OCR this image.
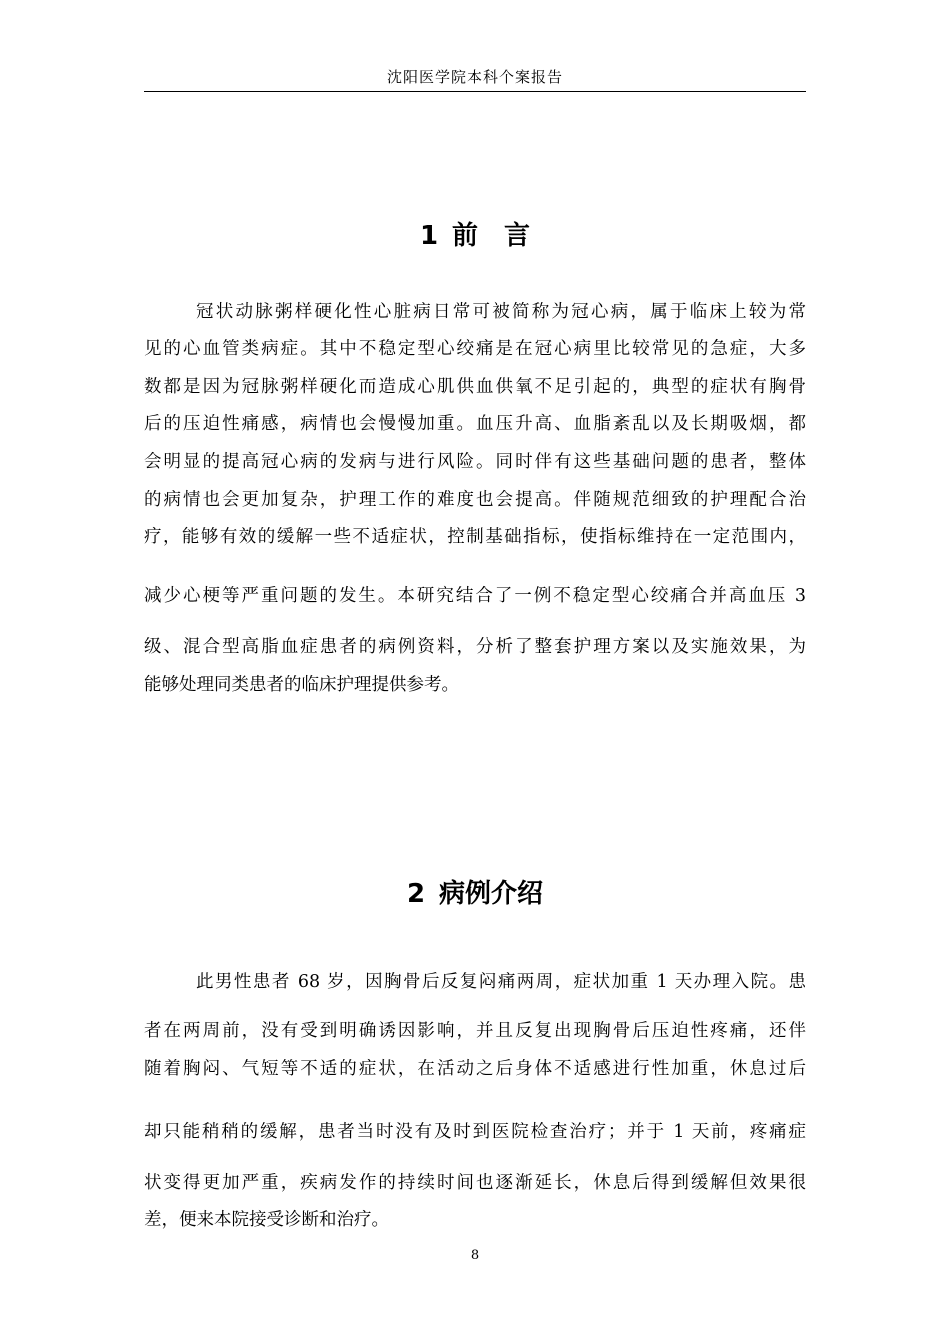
沈阳医学院本科个案报告
1 前　言
冠状动脉粥样硬化性心脏病日常可被简称为冠心病，属于临床上较为常
见的心血管类病症。其中不稳定型心绞痛是在冠心病里比较常见的急症，大多
数都是因为冠脉粥样硬化而造成心肌供血供氧不足引起的，典型的症状有胸骨
后的压迫性痛感，病情也会慢慢加重。血压升高、血脂紊乱以及长期吸烟，都
会明显的提高冠心病的发病与进行风险。同时伴有这些基础问题的患者，整体
的病情也会更加复杂，护理工作的难度也会提高。伴随规范细致的护理配合治
疗，能够有效的缓解一些不适症状，控制基础指标，使指标维持在一定范围内，
减少心梗等严重问题的发生。本研究结合了一例不稳定型心绞痛合并高血压 3
级、混合型高脂血症患者的病例资料，分析了整套护理方案以及实施效果，为
能够处理同类患者的临床护理提供参考。
2 病例介绍
此男性患者 68 岁，因胸骨后反复闷痛两周，症状加重 1 天办理入院。患
者在两周前，没有受到明确诱因影响，并且反复出现胸骨后压迫性疼痛，还伴
随着胸闷、气短等不适的症状，在活动之后身体不适感进行性加重，休息过后
却只能稍稍的缓解，患者当时没有及时到医院检查治疗；并于 1 天前，疼痛症
状变得更加严重，疾病发作的持续时间也逐渐延长，休息后得到缓解但效果很
差，便来本院接受诊断和治疗。
8
